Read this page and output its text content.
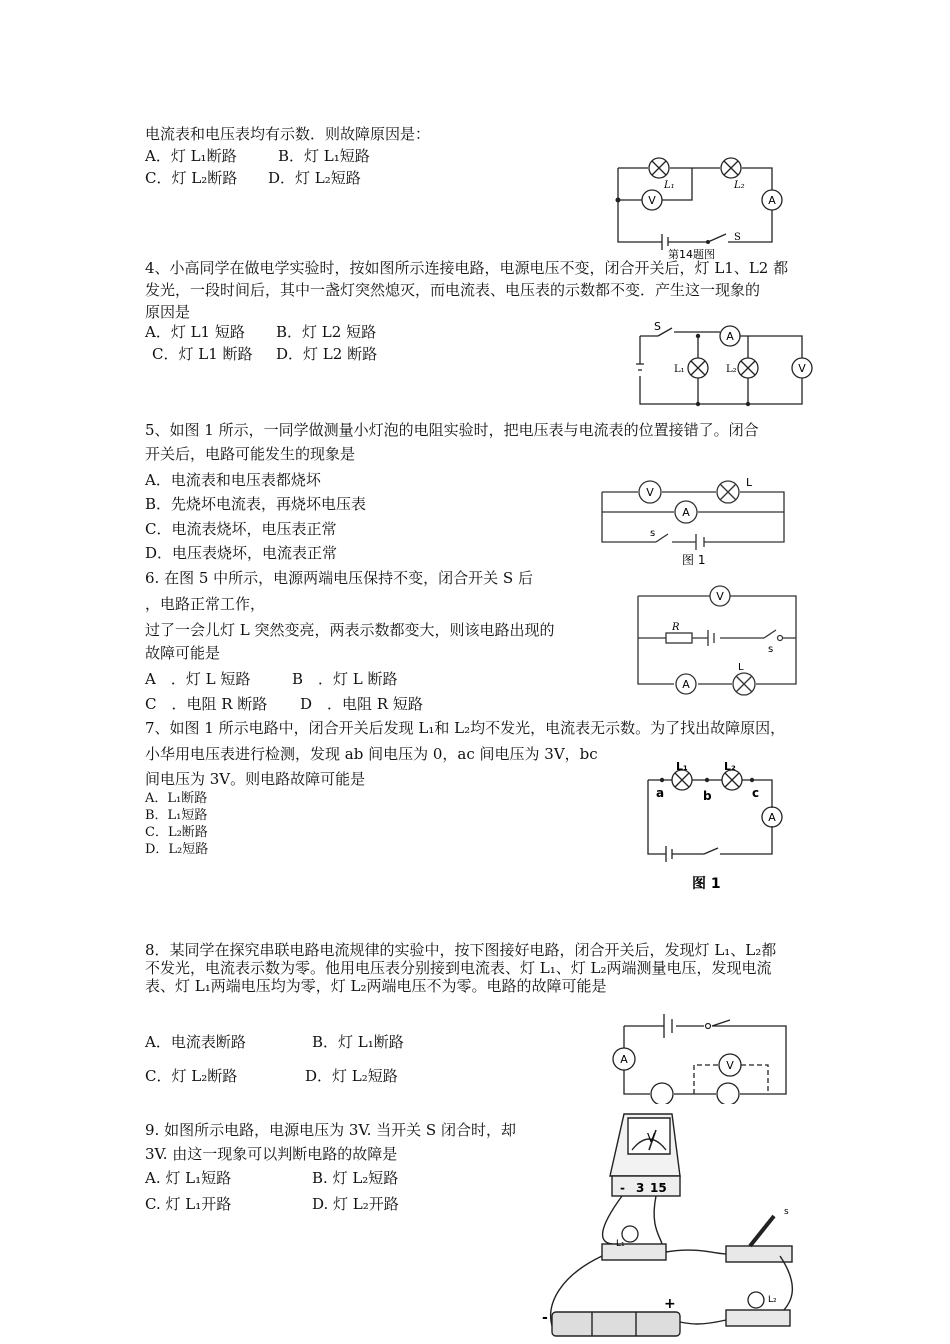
电流表和电压表均有示数．则故障原因是：
A．灯 L₁断路	B．灯 L₁短路
C．灯 L₂断路 D．灯 L₂短路
V	A
L₁	L₂
S
第14题图
4、小高同学在做电学实验时，按如图所示连接电路，电源电压不变，闭合开关后，灯 L1、L2 都
发光，一段时间后，其中一盏灯突然熄灭，而电流表、电压表的示数都不变．产生这一现象的
原因是
A．灯 L1 短路 B．灯 L2 短路
C．灯 L1 断路 D．灯 L2 断路
S
A
L₁	L₂	V
5、如图 1 所示，一同学做测量小灯泡的电阻实验时，把电压表与电流表的位置接错了。闭合
开关后，电路可能发生的现象是
A．电流表和电压表都烧坏
B．先烧坏电流表，再烧坏电压表
C．电流表烧坏，电压表正常
D．电压表烧坏，电流表正常
V
A
L
s
图 1
6. 在图 5 中所示，电源两端电压保持不变，闭合开关 S 后
，电路正常工作，
过了一会儿灯 L 突然变亮，两表示数都变大，则该电路出现的
故障可能是
A　．灯 L 短路	B　．灯 L 断路
C　．电阻 R 断路 D　．电阻 R 短路
V
R
s
L
A
7、如图 1 所示电路中，闭合开关后发现 L₁和 L₂均不发光，电流表无示数。为了找出故障原因，
小华用电压表进行检测，发现 ab 间电压为 0，ac 间电压为 3V，bc
间电压为 3V。则电路故障可能是
A．L₁断路
B．L₁短路
C．L₂断路
D．L₂短路
L₁	L₂
a	b	c
A
图 1
8．某同学在探究串联电路电流规律的实验中，按下图接好电路，闭合开关后，发现灯 L₁、L₂都
不发光，电流表示数为零。他用电压表分别接到电流表、灯 L₁、灯 L₂两端测量电压，发现电流
表、灯 L₁两端电压均为零，灯 L₂两端电压不为零。电路的故障可能是
A．电流表断路	B．灯 L₁断路
C．灯 L₂断路	D．灯 L₂短路
A	V
9. 如图所示电路，电源电压为 3V. 当开关 S 闭合时，却
3V. 由这一现象可以判断电路的故障是
A. 灯 L₁短路	B. 灯 L₂短路
C. 灯 L₁开路	D. 灯 L₂开路
V
- 3 15
L₁
L₂
s
+
-
